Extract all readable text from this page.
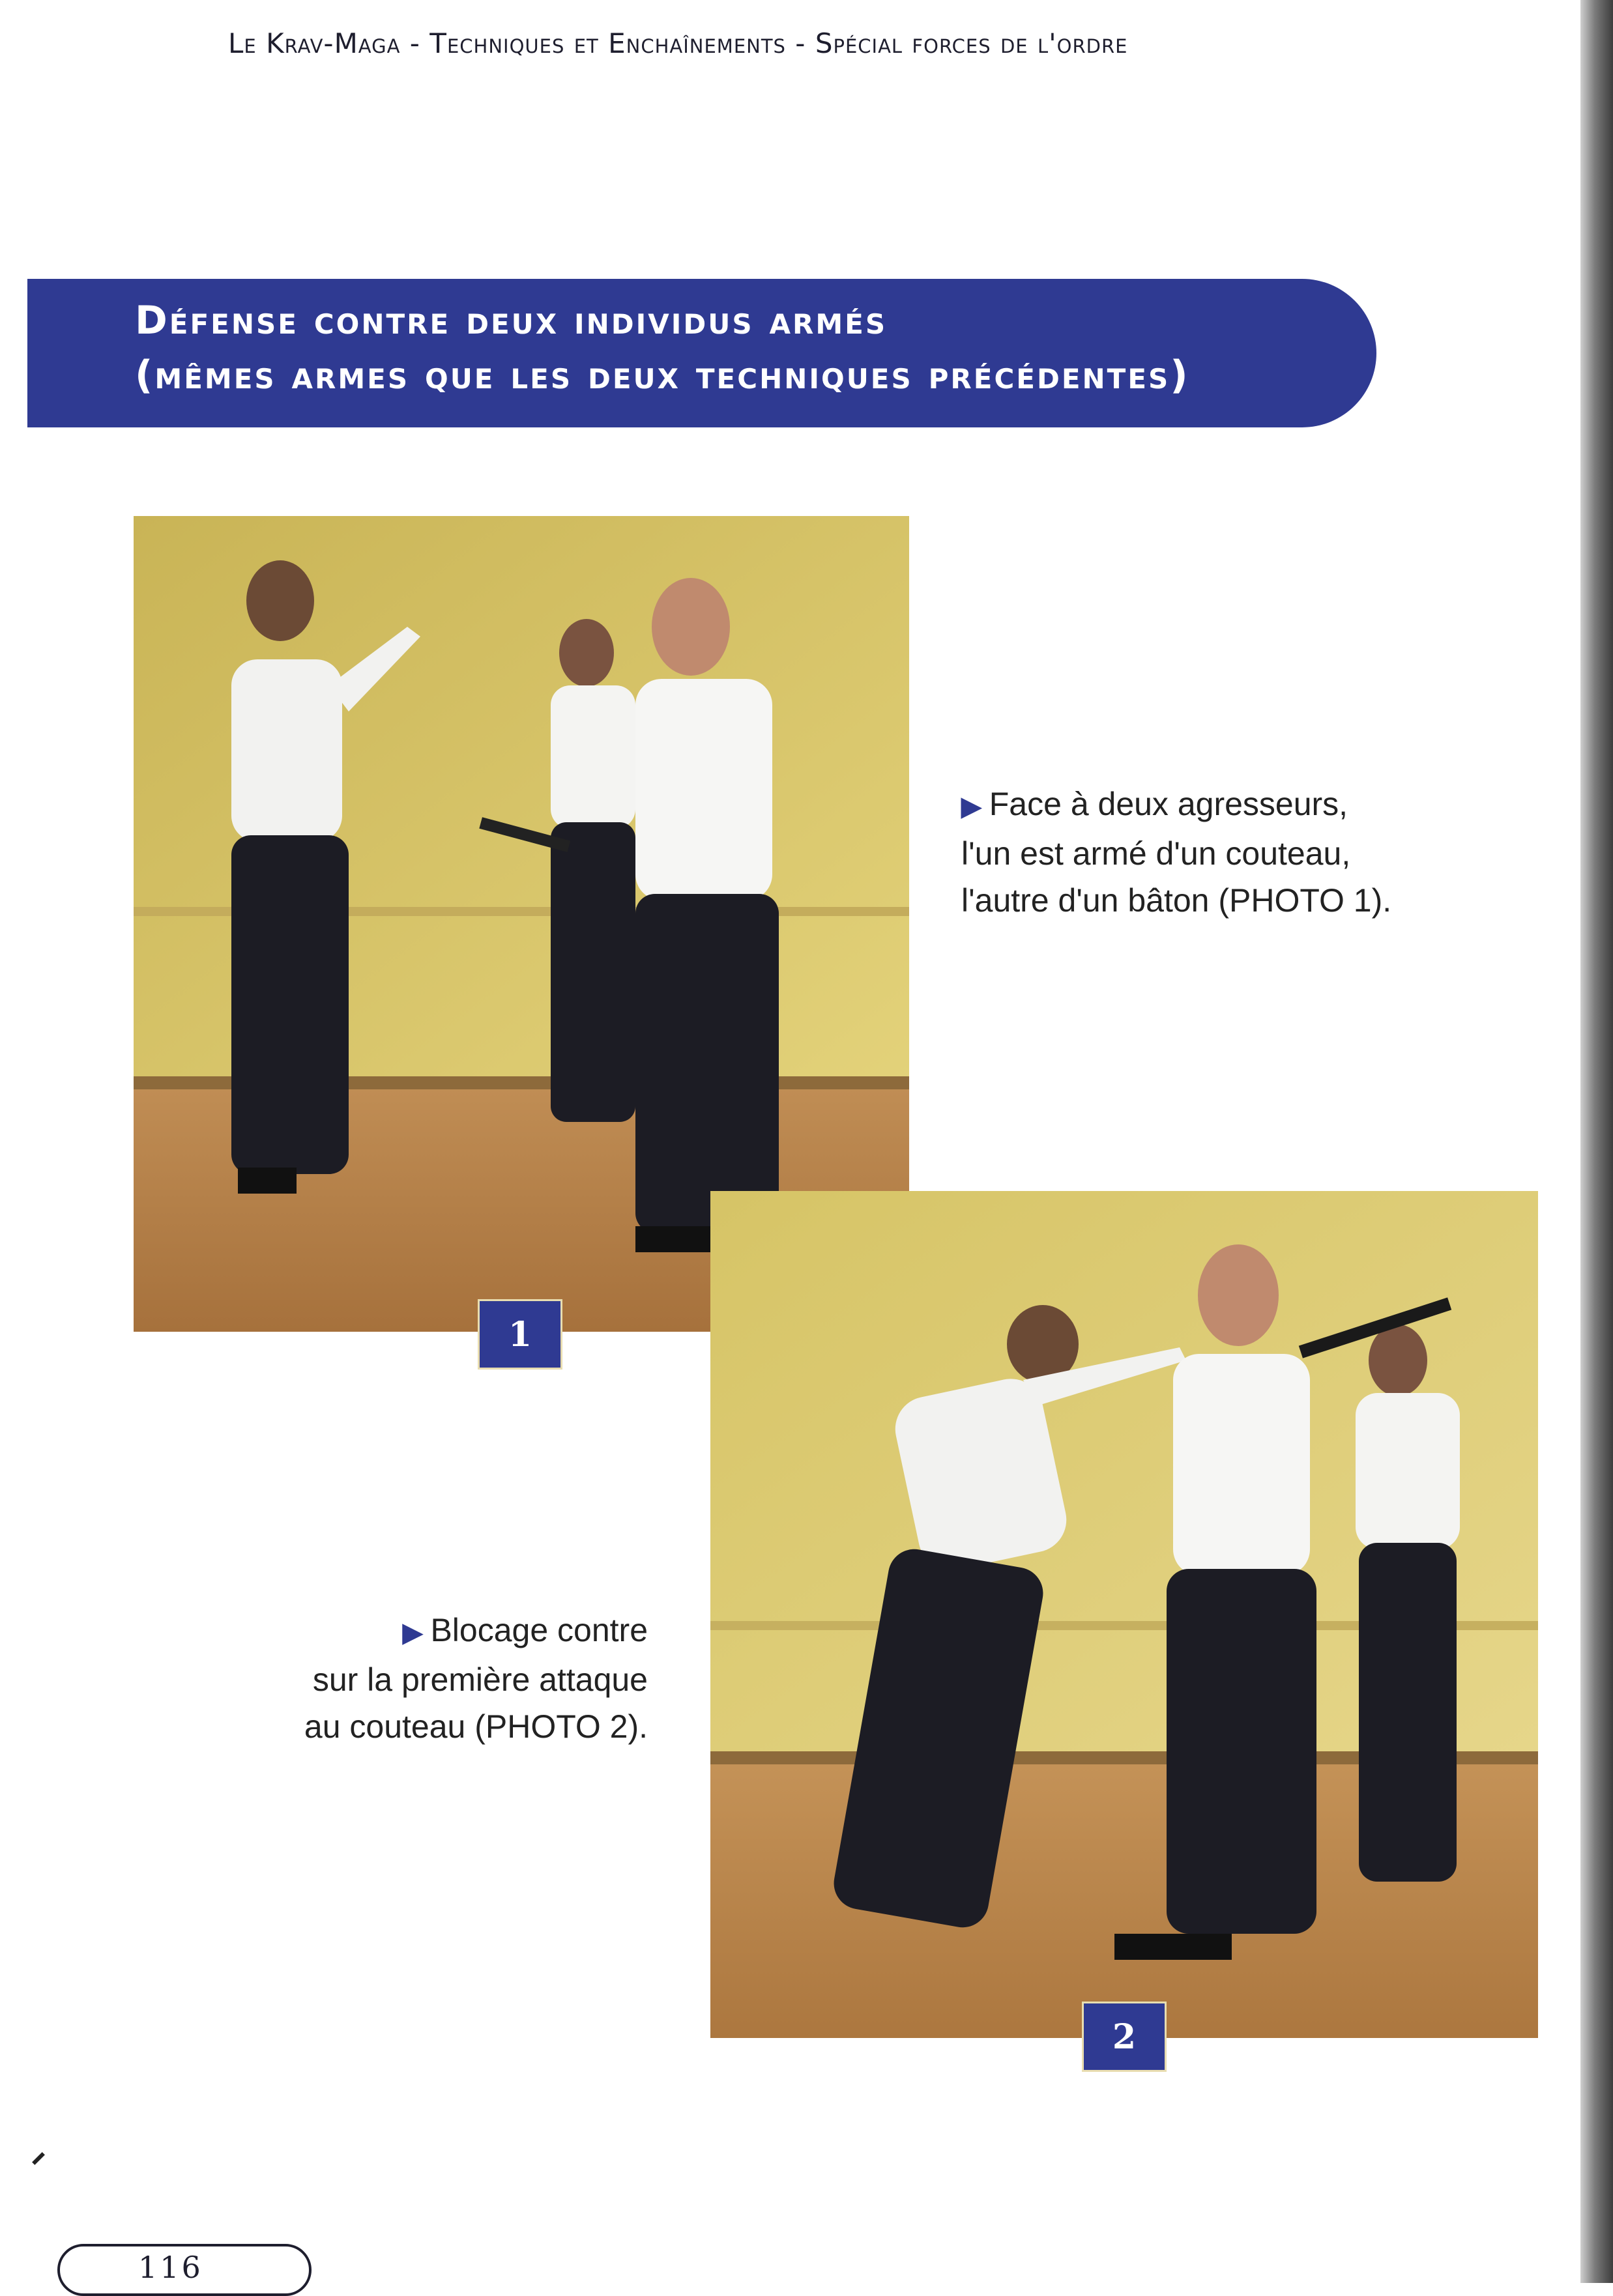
Le Krav-Maga - Techniques et Enchaînements - Spécial forces de l'ordre
Défense contre deux individus armés
(mêmes armes que les deux techniques précédentes)
1
▶ Face à deux agresseurs,
l'un est armé d'un couteau,
l'autre d'un bâton (PHOTO 1).
2
▶ Blocage contre
sur la première attaque
au couteau (PHOTO 2).
116
